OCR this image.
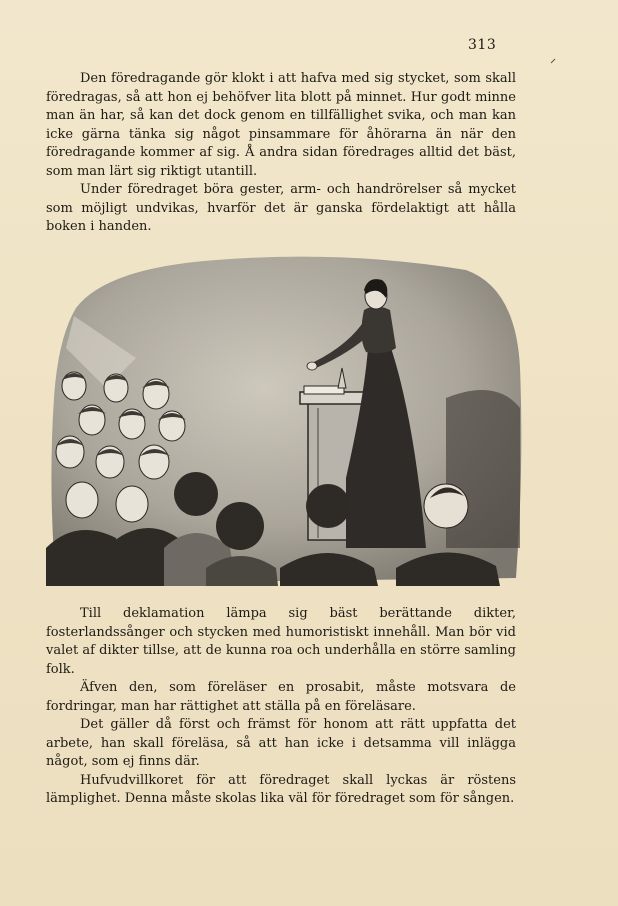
313

Den föredragande gör klokt i att hafva med sig stycket, som skall föredragas, så att hon ej behöfver lita blott på minnet. Hur godt minne man än har, så kan det dock genom en tillfällighet svika, och man kan icke gärna tänka sig något pinsammare för åhörarna än när den föredragande kommer af sig. Å andra sidan föredrages alltid det bäst, som man lärt sig riktigt utantill.

Under föredraget böra gester, arm- och handrörelser så mycket som möjligt undvikas, hvarför det är ganska fördelaktigt att hålla boken i handen.

Till deklamation lämpa sig bäst berättande dikter, fosterlandssånger och stycken med humoristiskt innehåll. Man bör vid valet af dikter tillse, att de kunna roa och underhålla en större samling folk.

Äfven den, som föreläser en prosabit, måste motsvara de fordringar, man har rättighet att ställa på en föreläsare.

Det gäller då först och främst för honom att rätt uppfatta det arbete, han skall föreläsa, så att han icke i detsamma vill inlägga något, som ej finns där.

Hufvudvillkoret för att föredraget skall lyckas är röstens lämplighet. Denna måste skolas lika väl för föredraget som för sången.
